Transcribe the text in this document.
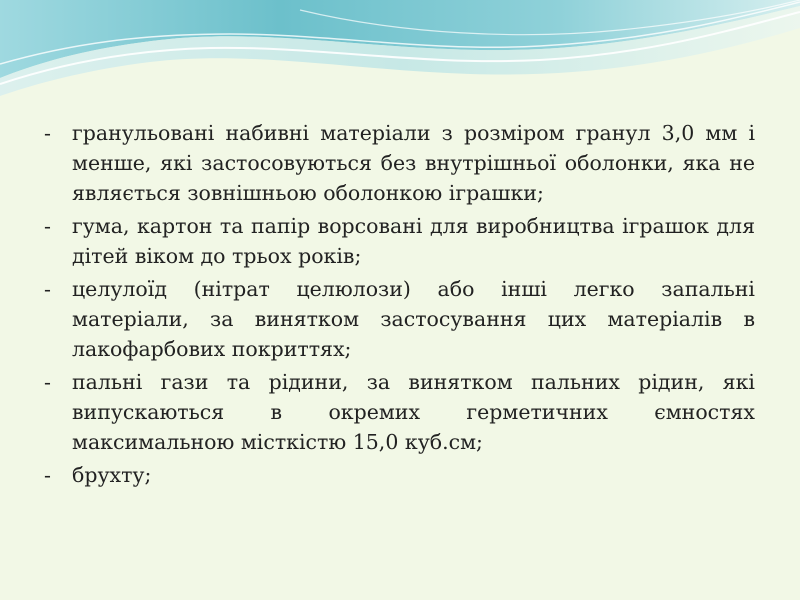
- гранульовані набивні матеріали з розміром гранул 3,0 мм і менше, які застосовуються без внутрішньої оболонки, яка не являється зовнішньою оболонкою іграшки;

- гума, картон та папір ворсовані для виробництва іграшок для дітей віком до трьох років;

- целулоїд (нітрат целюлози) або інші легко запальні матеріали, за винятком застосування цих матеріалів в лакофарбових покриттях;

- пальні гази та рідини, за винятком пальних рідин, які випускаються в окремих герметичних ємностях максимальною місткістю 15,0 куб.см;

- брухту;
